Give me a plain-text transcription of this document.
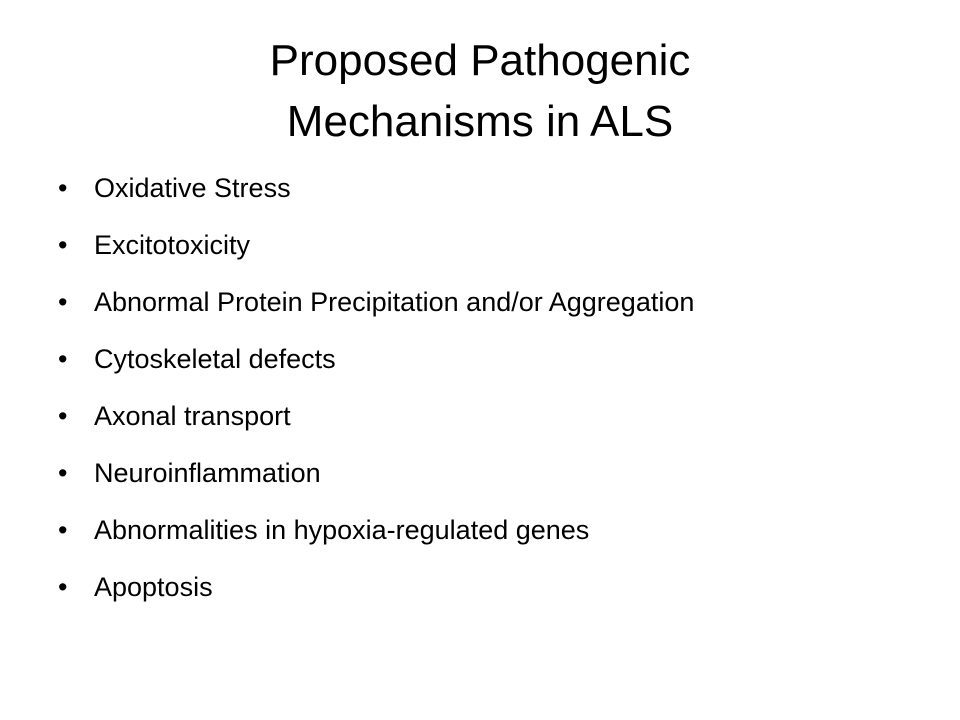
Proposed Pathogenic
Mechanisms in ALS
• Oxidative Stress
• Excitotoxicity
• Abnormal Protein Precipitation and/or Aggregation
• Cytoskeletal defects
• Axonal transport
• Neuroinflammation
• Abnormalities in hypoxia-regulated genes
• Apoptosis
